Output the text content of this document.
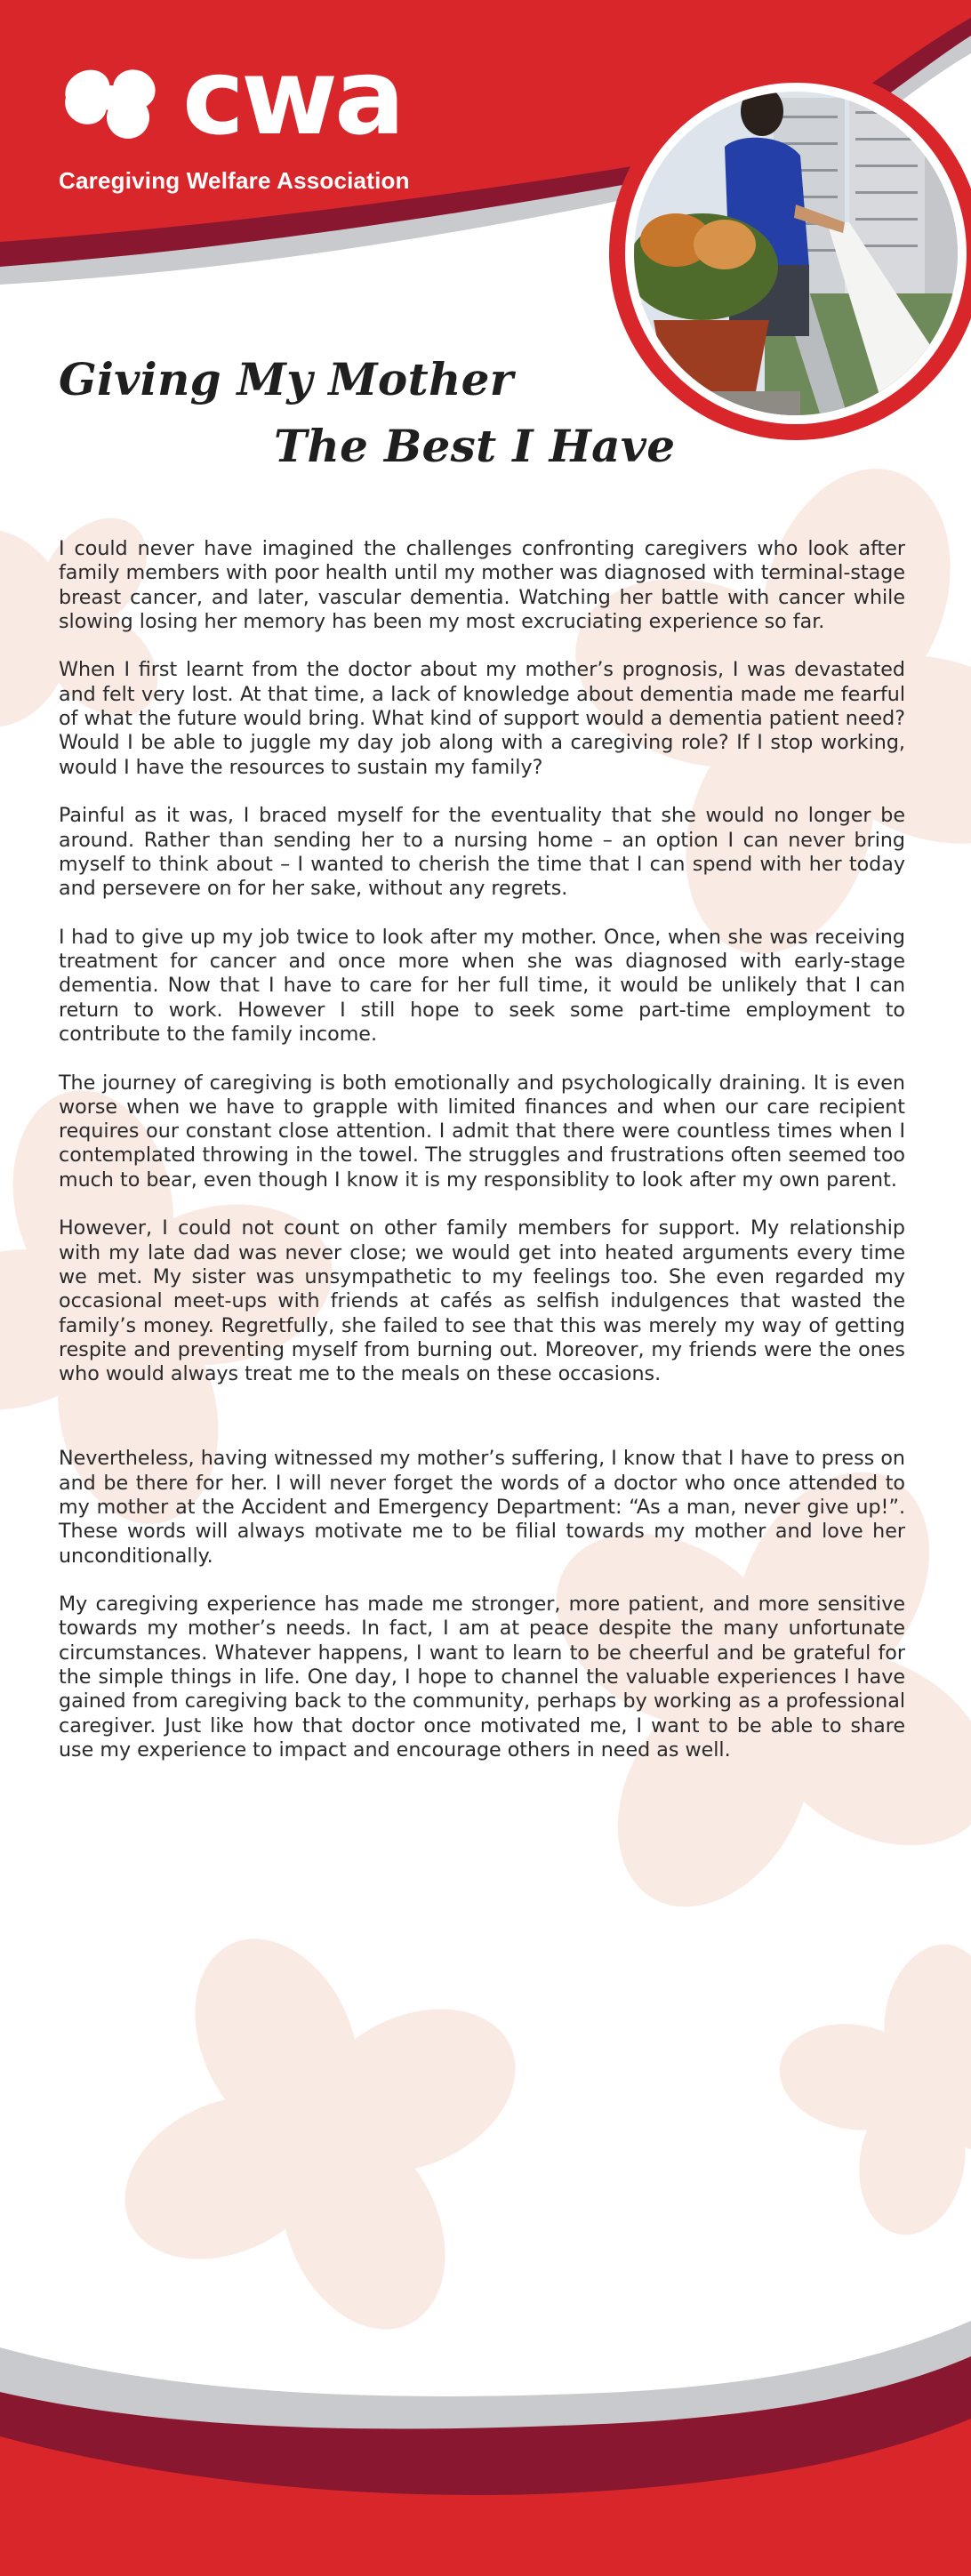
cwa
Caregiving Welfare Association
Giving My Mother
The Best I Have

I could never have imagined the challenges confronting caregivers who look after family members with poor health until my mother was diagnosed with terminal-stage breast cancer, and later, vascular dementia. Watching her battle with cancer while slowing losing her memory has been my most excruciating experience so far.

When I first learnt from the doctor about my mother’s prognosis, I was devastated and felt very lost. At that time, a lack of knowledge about dementia made me fearful of what the future would bring. What kind of support would a dementia patient need? Would I be able to juggle my day job along with a caregiving role? If I stop working, would I have the resources to sustain my family?

Painful as it was, I braced myself for the eventuality that she would no longer be around. Rather than sending her to a nursing home – an option I can never bring myself to think about – I wanted to cherish the time that I can spend with her today and persevere on for her sake, without any regrets.

I had to give up my job twice to look after my mother. Once, when she was receiving treatment for cancer and once more when she was diagnosed with early-stage dementia. Now that I have to care for her full time, it would be unlikely that I can return to work. However I still hope to seek some part-time employment to contribute to the family income.

The journey of caregiving is both emotionally and psychologically draining. It is even worse when we have to grapple with limited finances and when our care recipient requires our constant close attention. I admit that there were countless times when I contemplated throwing in the towel. The struggles and frustrations often seemed too much to bear, even though I know it is my responsiblity to look after my own parent.

However, I could not count on other family members for support. My relationship with my late dad was never close; we would get into heated arguments every time we met. My sister was unsympathetic to my feelings too. She even regarded my occasional meet-ups with friends at cafés as selfish indulgences that wasted the family’s money. Regretfully, she failed to see that this was merely my way of getting respite and preventing myself from burning out. Moreover, my friends were the ones who would always treat me to the meals on these occasions.

Nevertheless, having witnessed my mother’s suffering, I know that I have to press on and be there for her. I will never forget the words of a doctor who once attended to my mother at the Accident and Emergency Department: “As a man, never give up!”. These words will always motivate me to be filial towards my mother and love her unconditionally.

My caregiving experience has made me stronger, more patient, and more sensitive towards my mother’s needs. In fact, I am at peace despite the many unfortunate circumstances. Whatever happens, I want to learn to be cheerful and be grateful for the simple things in life. One day, I hope to channel the valuable experiences I have gained from caregiving back to the community, perhaps by working as a professional caregiver. Just like how that doctor once motivated me, I want to be able to share use my experience to impact and encourage others in need as well.
